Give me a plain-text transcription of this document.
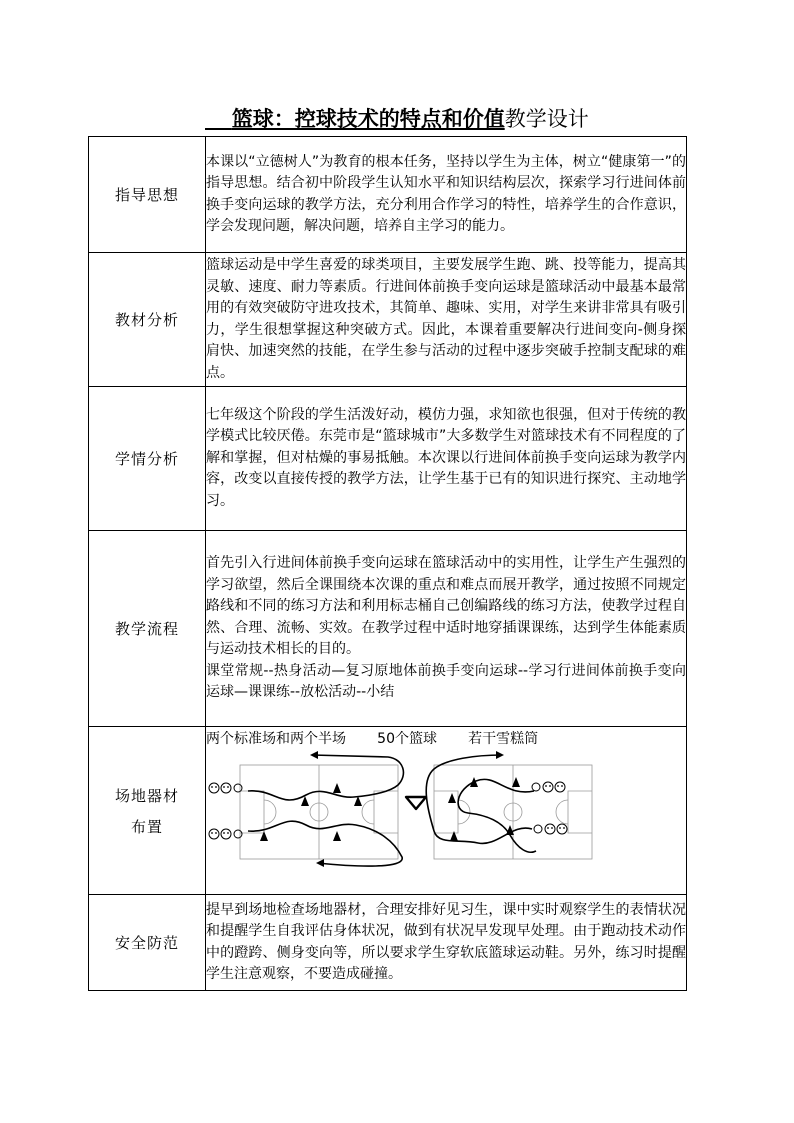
篮球：控球技术的特点和价值教学设计
指导思想	本课以“立德树人”为教育的根本任务，坚持以学生为主体，树立“健康第一”的指导思想。结合初中阶段学生认知水平和知识结构层次，探索学习行进间体前换手变向运球的教学方法，充分利用合作学习的特性，培养学生的合作意识，学会发现问题，解决问题，培养自主学习的能力。

教材分析	篮球运动是中学生喜爱的球类项目，主要发展学生跑、跳、投等能力，提高其灵敏、速度、耐力等素质。行进间体前换手变向运球是篮球活动中最基本最常用的有效突破防守进攻技术，其简单、趣味、实用，对学生来讲非常具有吸引力，学生很想掌握这种突破方式。因此，本课着重要解决行进间变向-侧身探肩快、加速突然的技能，在学生参与活动的过程中逐步突破手控制支配球的难点。

学情分析	七年级这个阶段的学生活泼好动，模仿力强，求知欲也很强，但对于传统的教学模式比较厌倦。东莞市是“篮球城市”大多数学生对篮球技术有不同程度的了解和掌握，但对枯燥的事易抵触。本次课以行进间体前换手变向运球为教学内容，改变以直接传授的教学方法，让学生基于已有的知识进行探究、主动地学习。

教学流程	首先引入行进间体前换手变向运球在篮球活动中的实用性，让学生产生强烈的学习欲望，然后全课围绕本次课的重点和难点而展开教学，通过按照不同规定路线和不同的练习方法和利用标志桶自己创编路线的练习方法，使教学过程自然、合理、流畅、实效。在教学过程中适时地穿插课课练，达到学生体能素质与运动技术相长的目的。

课堂常规--热身活动—复习原地体前换手变向运球--学习行进间体前换手变向运球—课课练--放松活动--小结

场地器材
布置	两个标准场和两个半场 50个篮球 若干雪糕筒

安全防范	提早到场地检查场地器材，合理安排好见习生，课中实时观察学生的表情状况和提醒学生自我评估身体状况，做到有状况早发现早处理。由于跑动技术动作中的蹬跨、侧身变向等，所以要求学生穿软底篮球运动鞋。另外，练习时提醒学生注意观察，不要造成碰撞。
